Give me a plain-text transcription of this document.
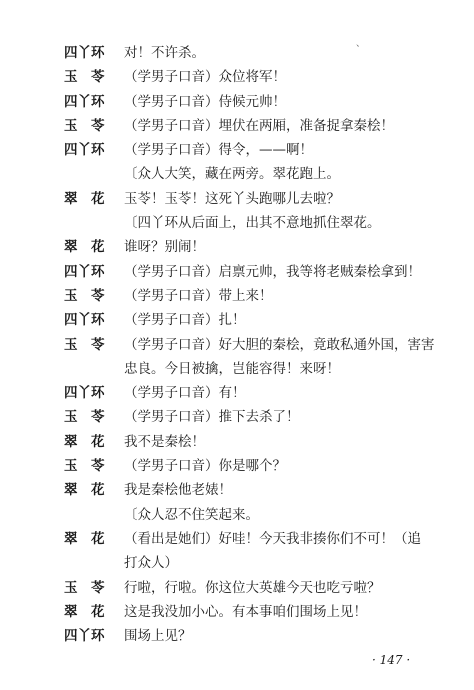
、
四丫环	对！不许杀。
玉　苓	（学男子口音）众位将军！
四丫环	（学男子口音）侍候元帅！
玉　苓	（学男子口音）埋伏在两厢，准备捉拿秦桧！
四丫环	（学男子口音）得令，——啊！
〔众人大笑，藏在两旁。翠花跑上。
翠　花	玉苓！玉苓！这死丫头跑哪儿去啦？
〔四丫环从后面上，出其不意地抓住翠花。
翠　花	谁呀？别闹！
四丫环	（学男子口音）启禀元帅，我等将老贼秦桧拿到！
玉　苓	（学男子口音）带上来！
四丫环	（学男子口音）扎！
玉　苓	（学男子口音）好大胆的秦桧，竟敢私通外国，害害
忠良。今日被擒，岂能容得！来呀！
四丫环	（学男子口音）有！
玉　苓	（学男子口音）推下去杀了！
翠　花	我不是秦桧！
玉　苓	（学男子口音）你是哪个？
翠　花	我是秦桧他老婊！
〔众人忍不住笑起来。
翠　花	（看出是她们）好哇！今天我非揍你们不可！（追
打众人）
玉　苓	行啦，行啦。你这位大英雄今天也吃亏啦？
翠　花	这是我没加小心。有本事咱们围场上见！
四丫环	围场上见？
· 147 ·
